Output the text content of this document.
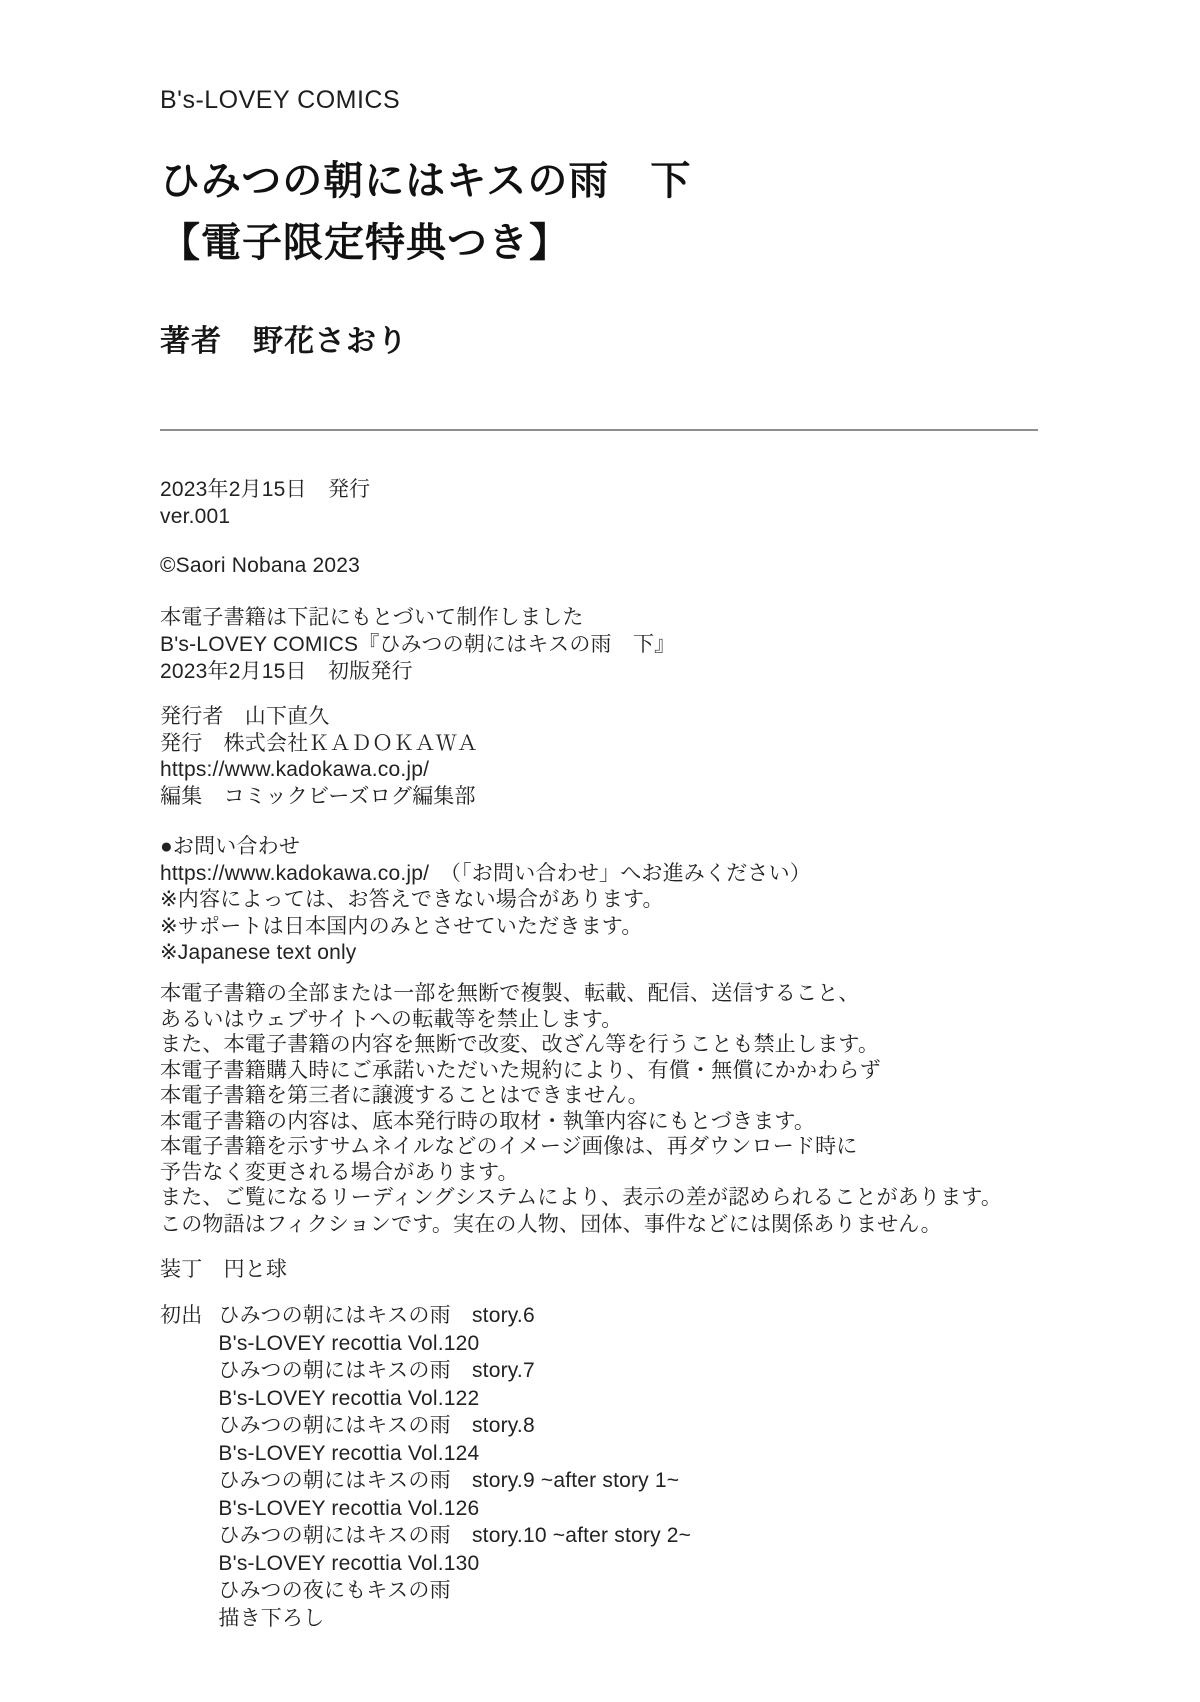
B's-LOVEY COMICS
ひみつの朝にはキスの雨　下
【電子限定特典つき】
著者　野花さおり
2023年2月15日　発行
ver.001
©Saori Nobana 2023
本電子書籍は下記にもとづいて制作しました
B's-LOVEY COMICS『ひみつの朝にはキスの雨　下』
2023年2月15日　初版発行
発行者　山下直久
発行　株式会社ＫＡＤＯＫＡＷＡ
https://www.kadokawa.co.jp/
編集　コミックビーズログ編集部
●お問い合わせ
https://www.kadokawa.co.jp/　（「お問い合わせ」へお進みください）
※内容によっては、お答えできない場合があります。
※サポートは日本国内のみとさせていただきます。
※Japanese text only
本電子書籍の全部または一部を無断で複製、転載、配信、送信すること、
あるいはウェブサイトへの転載等を禁止します。
また、本電子書籍の内容を無断で改変、改ざん等を行うことも禁止します。
本電子書籍購入時にご承諾いただいた規約により、有償・無償にかかわらず
本電子書籍を第三者に譲渡することはできません。
本電子書籍の内容は、底本発行時の取材・執筆内容にもとづきます。
本電子書籍を示すサムネイルなどのイメージ画像は、再ダウンロード時に
予告なく変更される場合があります。
また、ご覧になるリーディングシステムにより、表示の差が認められることがあります。
この物語はフィクションです。実在の人物、団体、事件などには関係ありません。
装丁　円と球
初出 ひみつの朝にはキスの雨　story.6
B's-LOVEY recottia Vol.120
ひみつの朝にはキスの雨　story.7
B's-LOVEY recottia Vol.122
ひみつの朝にはキスの雨　story.8
B's-LOVEY recottia Vol.124
ひみつの朝にはキスの雨　story.9 ~after story 1~
B's-LOVEY recottia Vol.126
ひみつの朝にはキスの雨　story.10 ~after story 2~
B's-LOVEY recottia Vol.130
ひみつの夜にもキスの雨
描き下ろし
